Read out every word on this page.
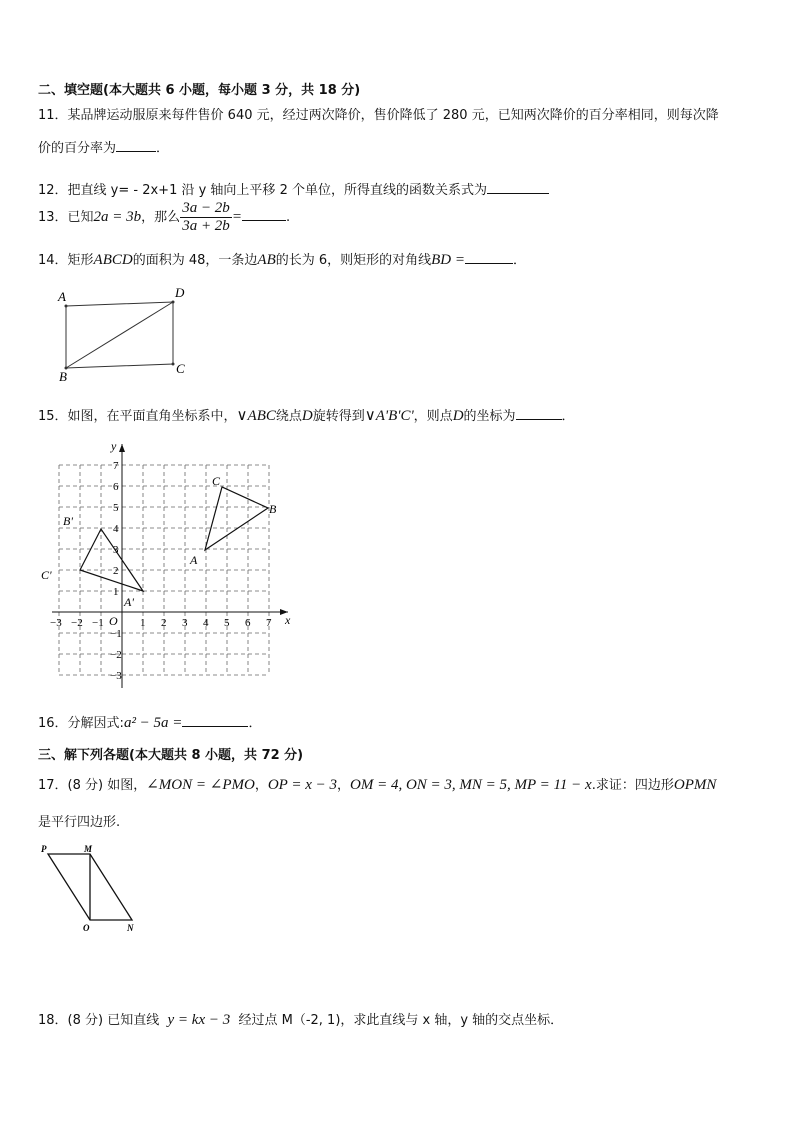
二、填空题(本大题共 6 小题，每小题 3 分，共 18 分)
11．某品牌运动服原来每件售价 640 元，经过两次降价，售价降低了 280 元，已知两次降价的百分率相同，则每次降
价的百分率为	．
12．把直线 y= - 2x+1 沿 y 轴向上平移 2 个单位，所得直线的函数关系式为
13．已知2a = 3b，那么 $\frac{3a - 2b}{3a + 2b}$ =	.
14．矩形ABCD的面积为 48，一条边AB的长为 6，则矩形的对角线BD =	．
A	D
C
B
15．如图，在平面直角坐标系中，∨ABC绕点D旋转得到∨A'B'C'，则点D的坐标为	．
x
y
O
−3 −2 −1	1 2 3 4 5 6 7
7
6
5
4
3
2
1
−1
−2
−3
A
B
C
A'
B'
C'
16．分解因式:a² − 5a =	．
三、解下列各题(本大题共 8 小题，共 72 分)
17．(8 分) 如图，∠MON = ∠PMO，OP = x − 3，OM = 4, ON = 3, MN = 5, MP = 11 − x.求证：四边形OPMN
是平行四边形.
P	M
O	N
18．(8 分) 已知直线 y = kx − 3 经过点 M（-2, 1)，求此直线与 x 轴，y 轴的交点坐标．
